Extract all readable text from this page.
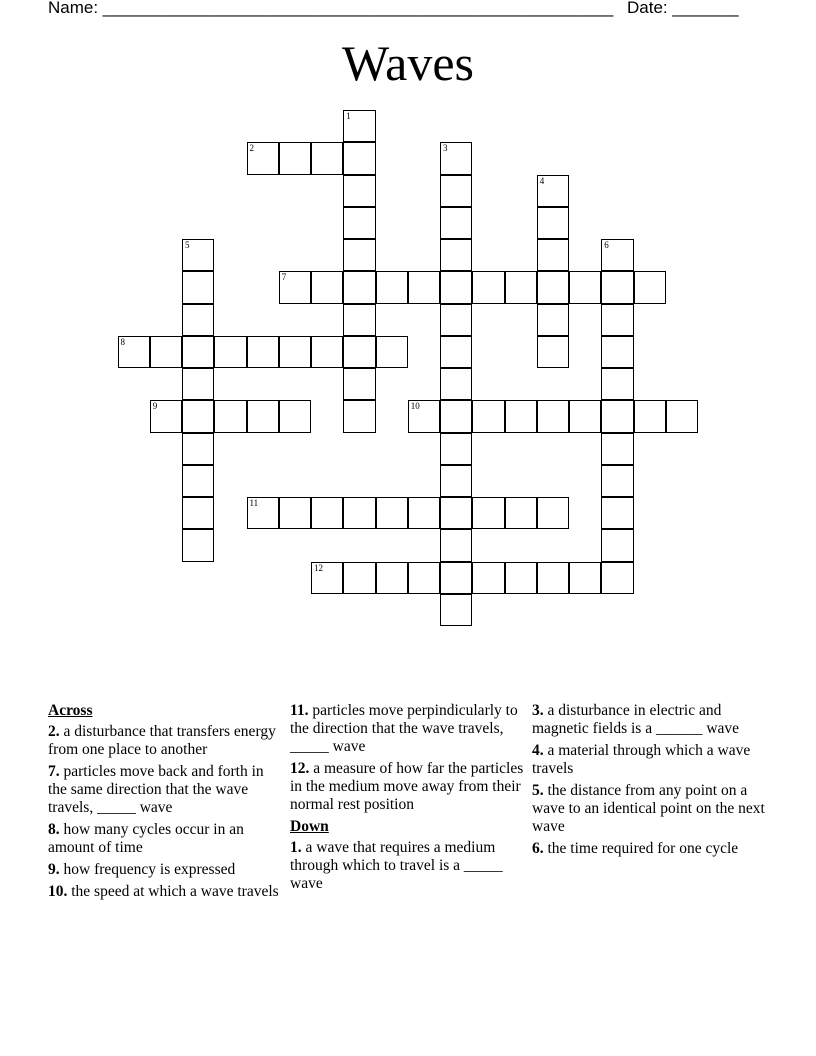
Name: ______________________________________________________ Date: _______
Waves
1
2	3
4
5	6
7
8
9	10
11
12
Across
2. a disturbance that transfers energy from one place to another
7. particles move back and forth in the same direction that the wave travels, _____ wave
8. how many cycles occur in an amount of time
9. how frequency is expressed
10. the speed at which a wave travels
11. particles move perpindicularly to the direction that the wave travels, _____ wave
12. a measure of how far the particles in the medium move away from their normal rest position
Down
1. a wave that requires a medium through which to travel is a _____ wave
3. a disturbance in electric and magnetic fields is a ______ wave
4. a material through which a wave travels
5. the distance from any point on a wave to an identical point on the next wave
6. the time required for one cycle
